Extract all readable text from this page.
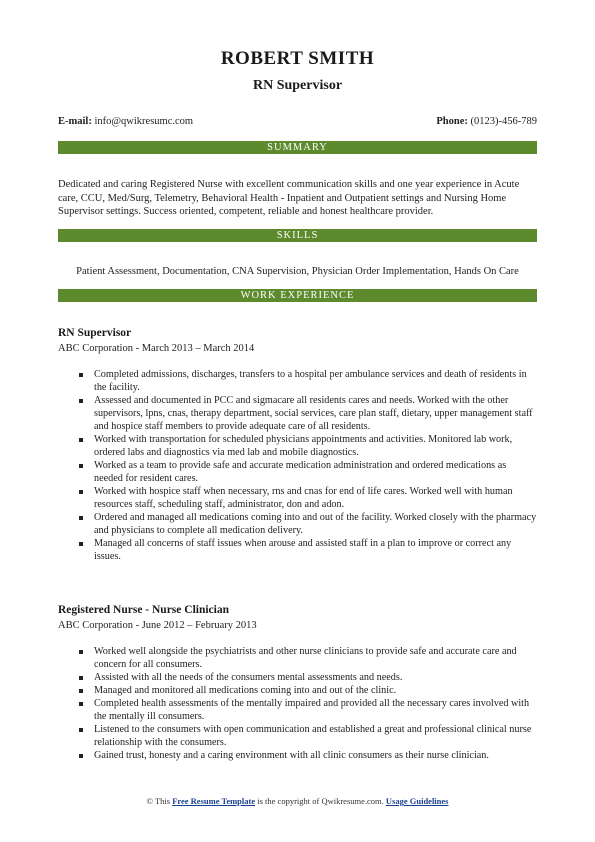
ROBERT SMITH
RN Supervisor
E-mail: info@qwikresumc.com	Phone: (0123)-456-789
SUMMARY
Dedicated and caring Registered Nurse with excellent communication skills and one year experience in Acute care, CCU, Med/Surg, Telemetry, Behavioral Health - Inpatient and Outpatient settings and Nursing Home Supervisor settings. Success oriented, competent, reliable and honest healthcare provider.
SKILLS
Patient Assessment, Documentation, CNA Supervision, Physician Order Implementation, Hands On Care
WORK EXPERIENCE
RN Supervisor
ABC Corporation - March 2013 – March 2014
Completed admissions, discharges, transfers to a hospital per ambulance services and death of residents in the facility.
Assessed and documented in PCC and sigmacare all residents cares and needs. Worked with the other supervisors, lpns, cnas, therapy department, social services, care plan staff, dietary, upper management staff and hospice staff members to provide adequate care of all residents.
Worked with transportation for scheduled physicians appointments and activities. Monitored lab work, ordered labs and diagnostics via med lab and mobile diagnostics.
Worked as a team to provide safe and accurate medication administration and ordered medications as needed for resident cares.
Worked with hospice staff when necessary, rns and cnas for end of life cares. Worked well with human resources staff, scheduling staff, administrator, don and adon.
Ordered and managed all medications coming into and out of the facility. Worked closely with the pharmacy and physicians to complete all medication delivery.
Managed all concerns of staff issues when arouse and assisted staff in a plan to improve or correct any issues.
Registered Nurse - Nurse Clinician
ABC Corporation - June 2012 – February 2013
Worked well alongside the psychiatrists and other nurse clinicians to provide safe and accurate care and concern for all consumers.
Assisted with all the needs of the consumers mental assessments and needs.
Managed and monitored all medications coming into and out of the clinic.
Completed health assessments of the mentally impaired and provided all the necessary cares involved with the mentally ill consumers.
Listened to the consumers with open communication and established a great and professional clinical nurse relationship with the consumers.
Gained trust, honesty and a caring environment with all clinic consumers as their nurse clinician.
© This Free Resume Template is the copyright of Qwikresume.com. Usage Guidelines
